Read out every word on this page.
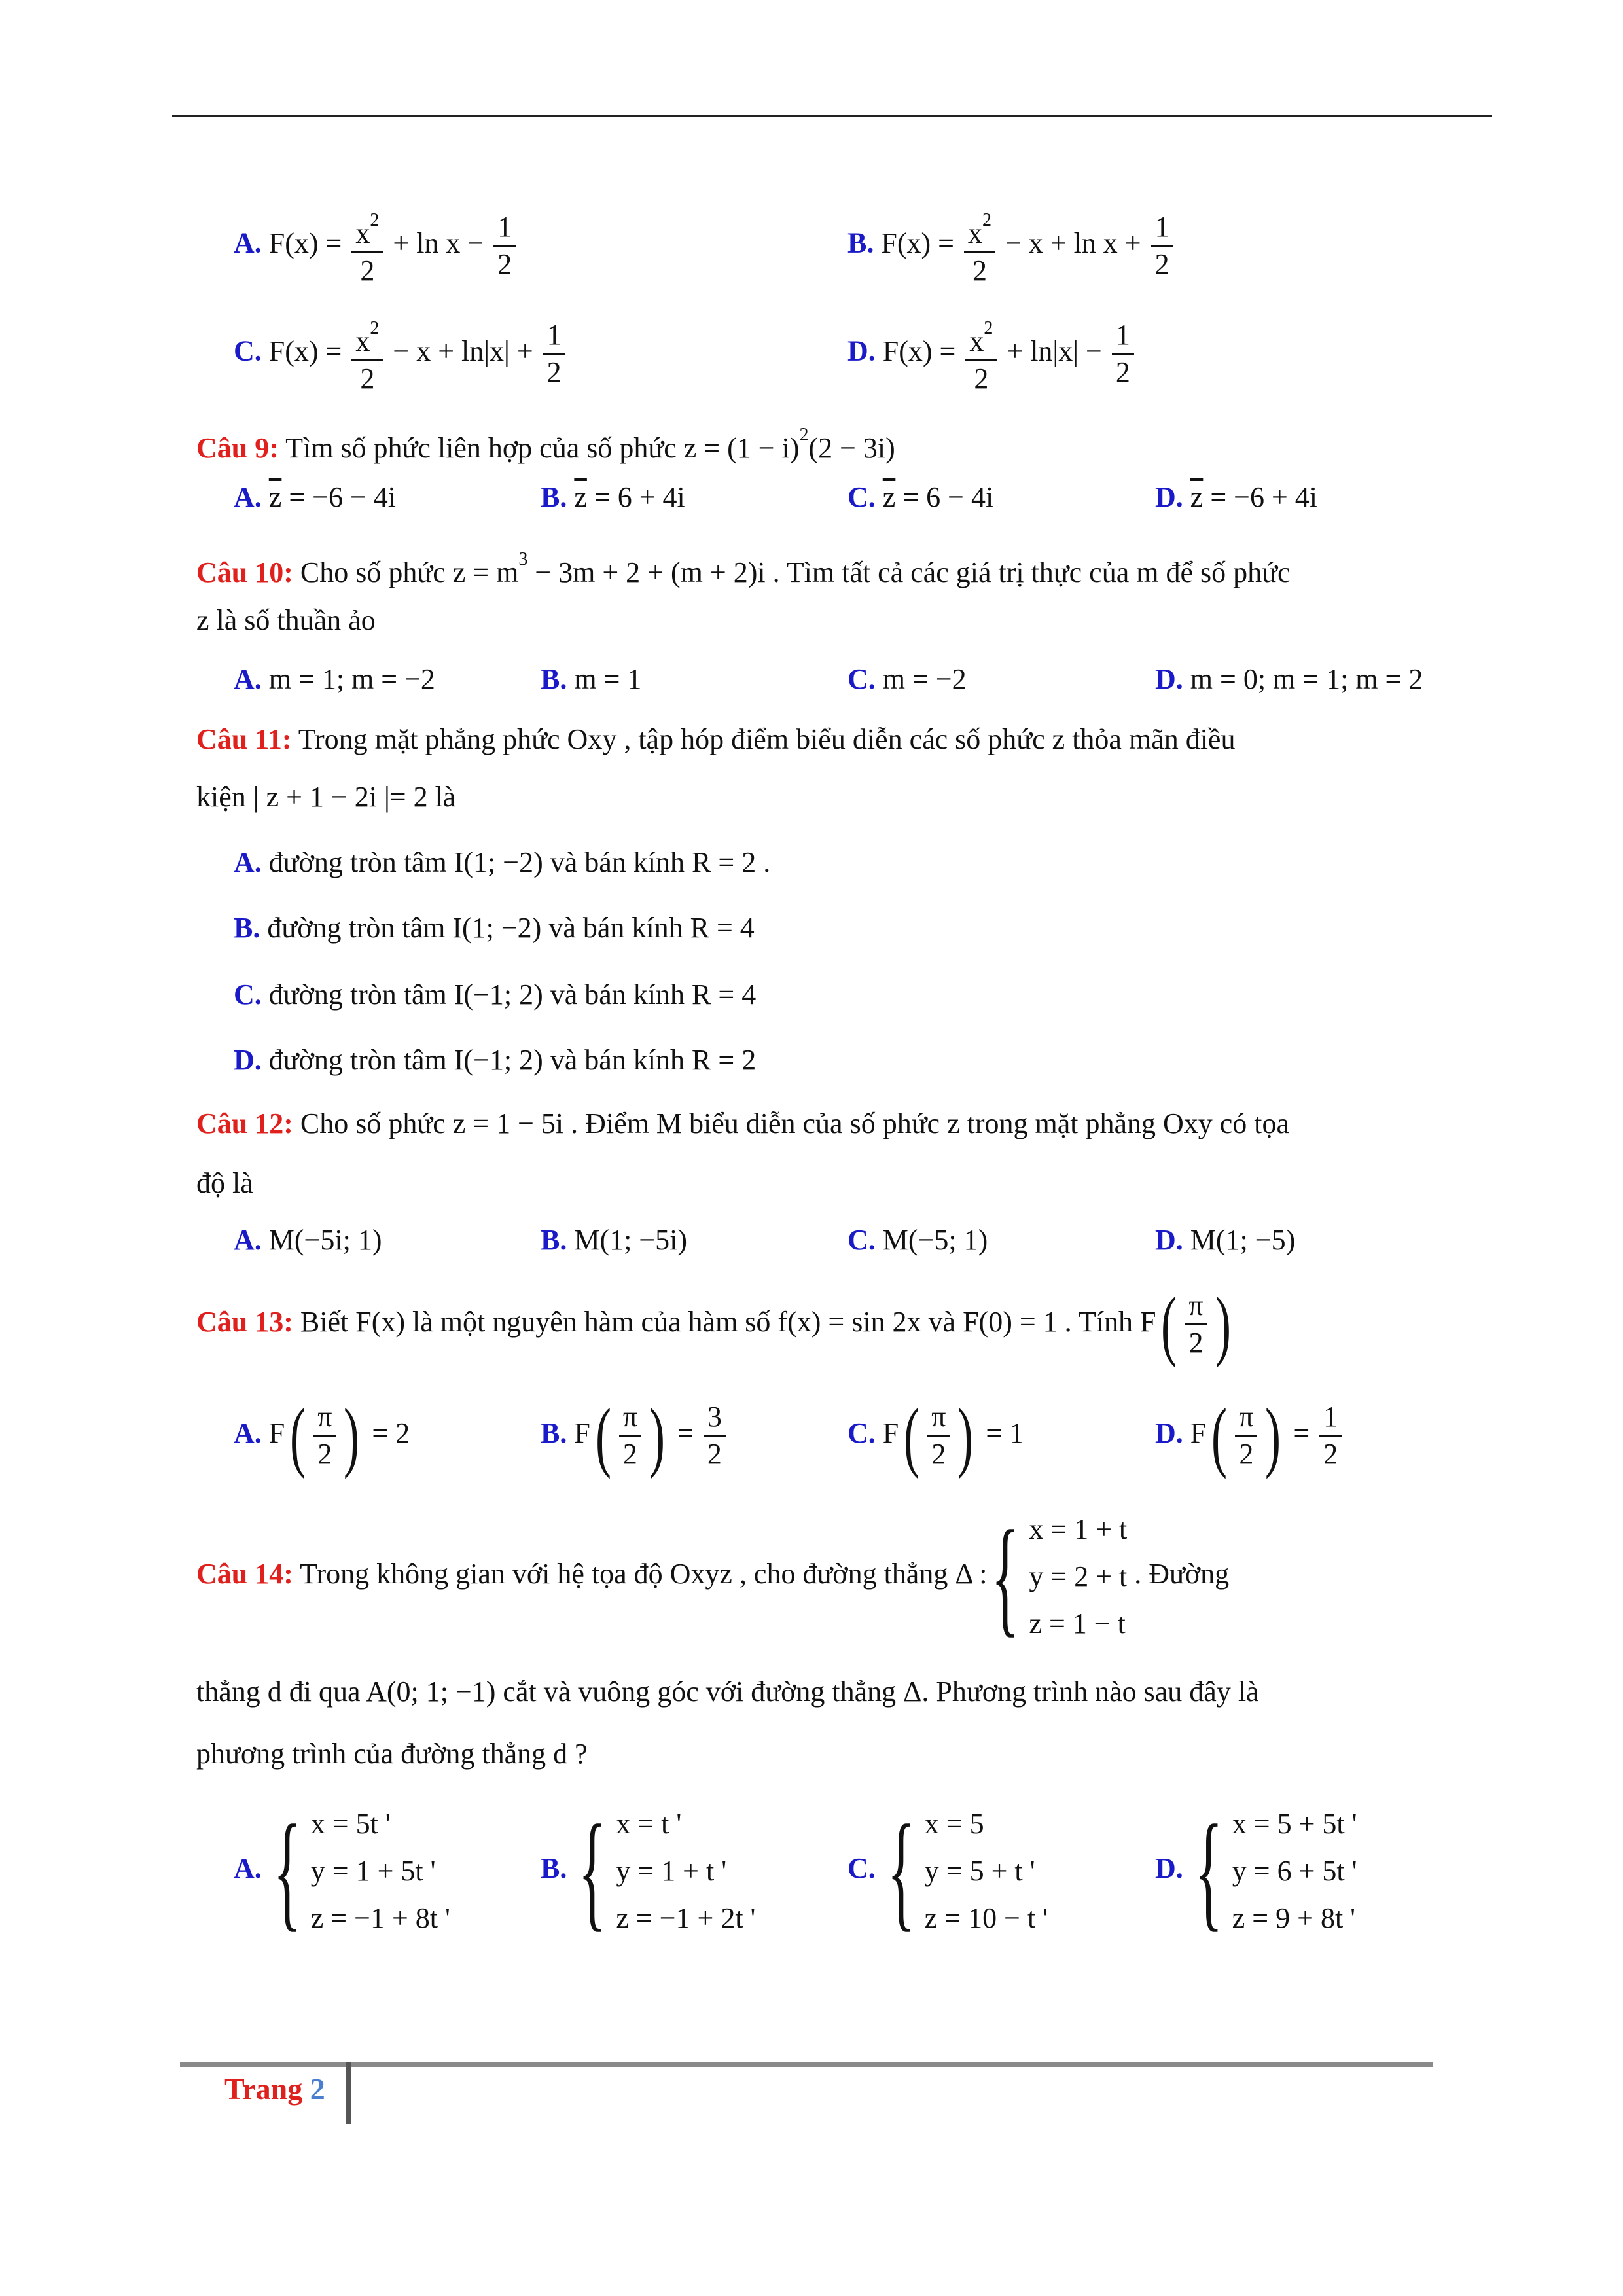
A. $F(x) = \frac{x^2}{2} + \ln x - \frac{1}{2}$	B. $F(x) = \frac{x^2}{2} - x + \ln x + \frac{1}{2}$
C. $F(x) = \frac{x^2}{2} - x + \ln|x| + \frac{1}{2}$	D. $F(x) = \frac{x^2}{2} + \ln|x| - \frac{1}{2}$
Câu 9: Tìm số phức liên hợp của số phức $z = (1 - i)^2(2 - 3i)$
A. $\overline{z} = -6 - 4i$	B. $\overline{z} = 6 + 4i$	C. $\overline{z} = 6 - 4i$	D. $\overline{z} = -6 + 4i$
Câu 10: Cho số phức $z = m^3 - 3m + 2 + (m + 2)i$ . Tìm tất cả các giá trị thực của m để số phức
z là số thuần ảo
A. m = 1; m = −2	B. m = 1	C. m = −2	D. m = 0; m = 1; m = 2
Câu 11: Trong mặt phẳng phức Oxy , tập hóp điểm biểu diễn các số phức z thỏa mãn điều
kiện | z + 1 − 2i |= 2 là
A. đường tròn tâm I(1; −2) và bán kính R = 2 .
B. đường tròn tâm I(1; −2) và bán kính R = 4
C. đường tròn tâm I(−1; 2) và bán kính R = 4
D. đường tròn tâm I(−1; 2) và bán kính R = 2
Câu 12: Cho số phức z = 1 − 5i . Điểm M biểu diễn của số phức z trong mặt phẳng Oxy có tọa
độ là
A. M(−5i; 1)	B. M(1; −5i)	C. M(−5; 1)	D. M(1; −5)
Câu 13: Biết F(x) là một nguyên hàm của hàm số f(x) = sin 2x và F(0) = 1 . Tính $F( \frac{\pi}{2}$ )
A. $F( \frac{\pi}{2}$ ) = 2	B. $F( \frac{\pi}{2}$ ) = $\frac{3}{2}$	C. $F( \frac{\pi}{2}$ ) = 1	D. $F( \frac{\pi}{2}$ ) = $\frac{1}{2}$
Câu 14: Trong không gian với hệ tọa độ Oxyz , cho đường thẳng Δ : { x = 1 + t
y = 2 + t
z = 1 − t
. Đường
thẳng d đi qua A(0; 1; −1) cắt và vuông góc với đường thẳng Δ. Phương trình nào sau đây là
phương trình của đường thẳng d ?
A. { x = 5t '
y = 1 + 5t '
z = −1 + 8t '
B. { x = t '
y = 1 + t '
z = −1 + 2t '
C. { x = 5
y = 5 + t '
z = 10 − t '
D. { x = 5 + 5t '
y = 6 + 5t '
z = 9 + 8t '
Trang 2
